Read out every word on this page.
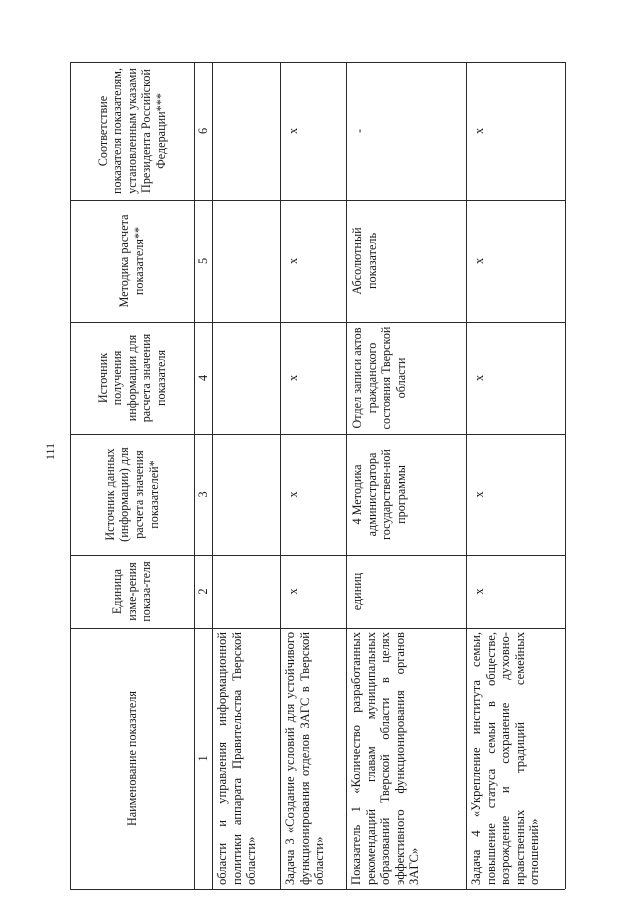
111
Наименование показателя
Единица изме-рения показа-теля
Источник данных (информации) для расчета значения показателей*
Источник получения информации для расчета значения показателя
Методика расчета показателя**
Соответствие показателя показателям, установленным указами Президента Российской Федерации***
1
2
3
4
5
6
области и управления информационной политики аппарата Правительства Тверской области»	Задача 3 «Создание условий для устойчивого функционирования отделов ЗАГС в Тверской области»
х
х
х
х
х
Показатель 1 «Количество разработанных рекомендаций главам муниципальных образований Тверской области в целях эффективного функционирования органов ЗАГС»
единиц
4 Методика администратора государствен-ной программы
Отдел записи актов гражданского состояния Тверской области
Абсолютный показатель
-
Задача 4 «Укрепление института семьи, повышение статуса семьи в обществе, возрождение и сохранение духовно-нравственных традиций семейных отношений»
х
х
х
х
х
